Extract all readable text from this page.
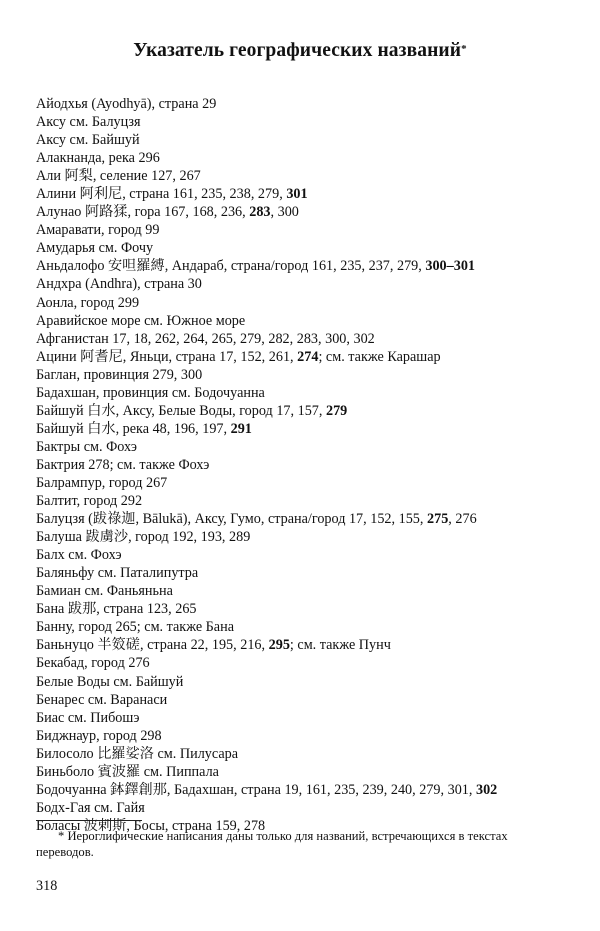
Указатель географических названий*
Айодхья (Ayodhyā), страна 29
Аксу см. Балуцзя
Аксу см. Байшуй
Алакнанда, река 296
Али 阿梨, селение 127, 267
Алини 阿利尼, страна 161, 235, 238, 279, 301
Алунао 阿路猱, гора 167, 168, 236, 283, 300
Амаравати, город 99
Амударья см. Фочу
Аньдалофо 安呾羅縛, Андараб, страна/город 161, 235, 237, 279, 300–301
Андхра (Andhra), страна 30
Аонла, город 299
Аравийское море см. Южное море
Афганистан 17, 18, 262, 264, 265, 279, 282, 283, 300, 302
Ацини 阿耆尼, Яньци, страна 17, 152, 261, 274; см. также Карашар
Баглан, провинция 279, 300
Бадахшан, провинция см. Бодочуанна
Байшуй 白水, Аксу, Белые Воды, город 17, 157, 279
Байшуй 白水, река 48, 196, 197, 291
Бактры см. Фохэ
Бактрия 278; см. также Фохэ
Балрампур, город 267
Балтит, город 292
Балуцзя (跋祿迦, Bālukā), Аксу, Гумо, страна/город 17, 152, 155, 275, 276
Балуша 跋虜沙, город 192, 193, 289
Балх см. Фохэ
Баляньфу см. Паталипутра
Бамиан см. Фаньяньна
Бана 跋那, страна 123, 265
Банну, город 265; см. также Бана
Баньнуцо 半笯磋, страна 22, 195, 216, 295; см. также Пунч
Бекабад, город 276
Белые Воды см. Байшуй
Бенарес см. Варанаси
Биас см. Пибошэ
Биджнаур, город 298
Билосоло 比羅娑洛 см. Пилусара
Биньболо 賓波羅 см. Пиппала
Бодочуанна 鉢鐸創那, Бадахшан, страна 19, 161, 235, 239, 240, 279, 301, 302
Бодх-Гая см. Гайя
Боласы 波剌斯, Босы, страна 159, 278
* Иероглифические написания даны только для названий, встречающихся в текстах переводов.
318
